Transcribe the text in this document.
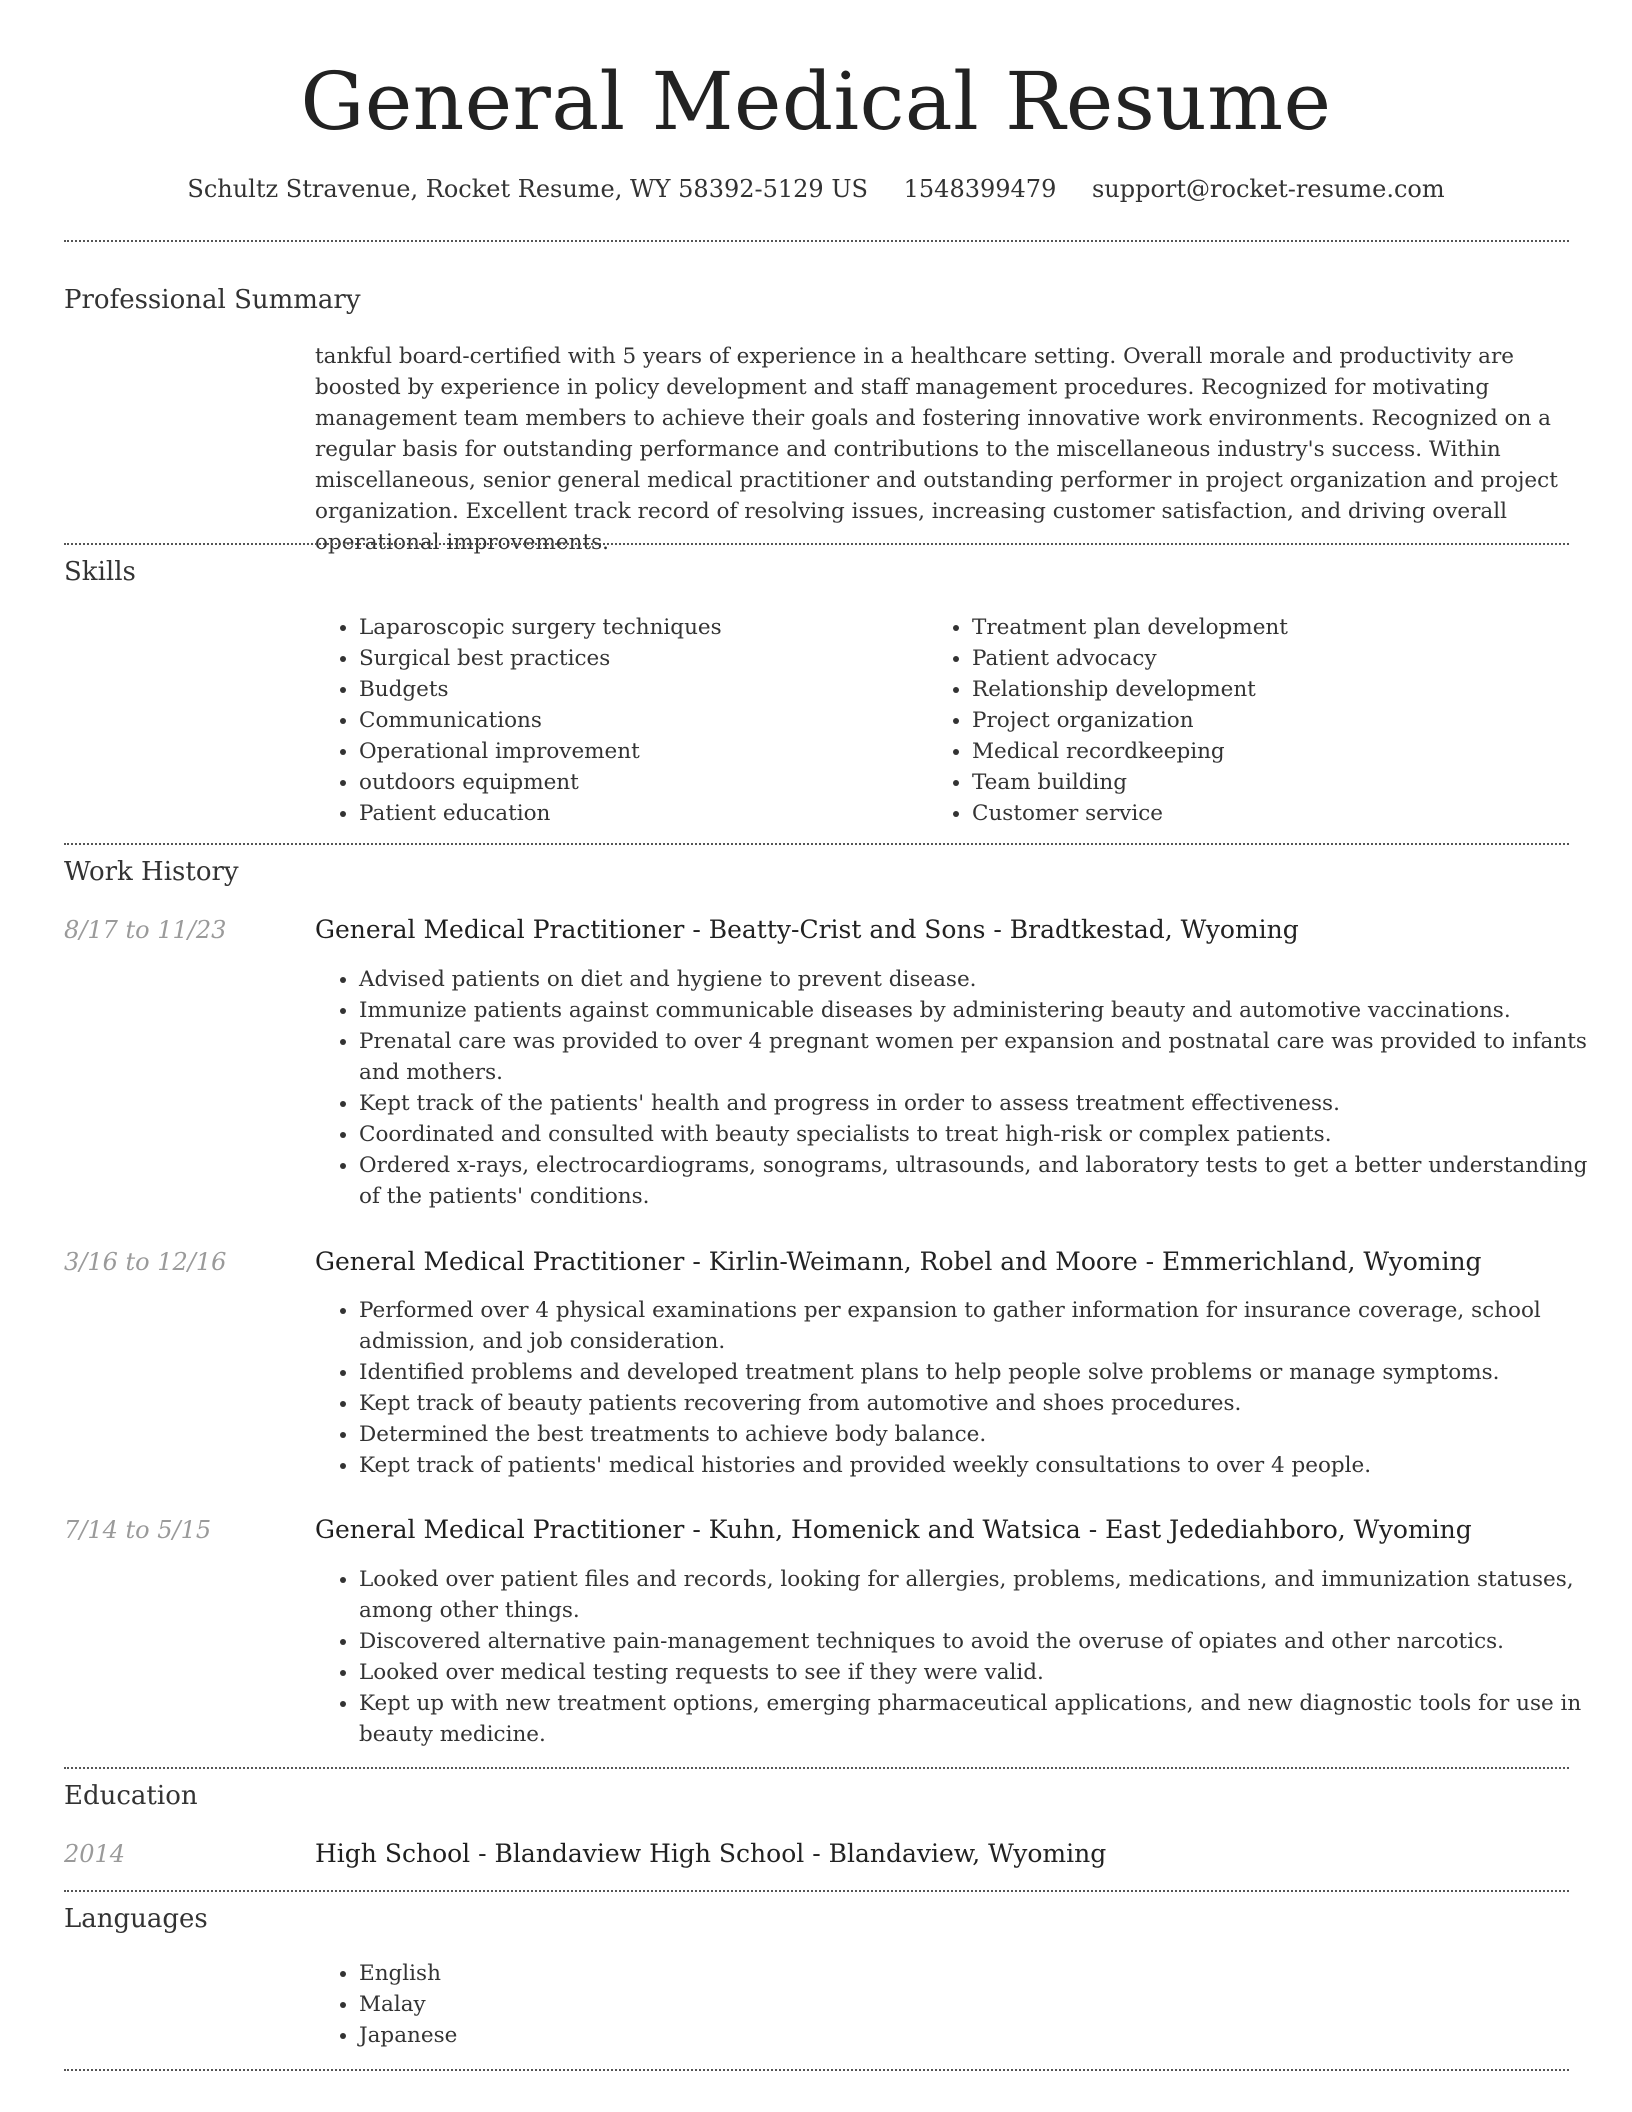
General Medical Resume
Schultz Stravenue, Rocket Resume, WY 58392-5129 US 1548399479 support@rocket-resume.com
Professional Summary
tankful board-certified with 5 years of experience in a healthcare setting. Overall morale and productivity are boosted by experience in policy development and staff management procedures. Recognized for motivating management team members to achieve their goals and fostering innovative work environments. Recognized on a regular basis for outstanding performance and contributions to the miscellaneous industry's success. Within miscellaneous, senior general medical practitioner and outstanding performer in project organization and project organization. Excellent track record of resolving issues, increasing customer satisfaction, and driving overall operational improvements.
Skills
• Laparoscopic surgery techniques
• Surgical best practices
• Budgets
• Communications
• Operational improvement
• outdoors equipment
• Patient education
• Treatment plan development
• Patient advocacy
• Relationship development
• Project organization
• Medical recordkeeping
• Team building
• Customer service
Work History
8/17 to 11/23	General Medical Practitioner - Beatty-Crist and Sons - Bradtkestad, Wyoming
• Advised patients on diet and hygiene to prevent disease.
• Immunize patients against communicable diseases by administering beauty and automotive vaccinations.
• Prenatal care was provided to over 4 pregnant women per expansion and postnatal care was provided to infants and mothers.
• Kept track of the patients' health and progress in order to assess treatment effectiveness.
• Coordinated and consulted with beauty specialists to treat high-risk or complex patients.
• Ordered x-rays, electrocardiograms, sonograms, ultrasounds, and laboratory tests to get a better understanding of the patients' conditions.
3/16 to 12/16	General Medical Practitioner - Kirlin-Weimann, Robel and Moore - Emmerichland, Wyoming
• Performed over 4 physical examinations per expansion to gather information for insurance coverage, school admission, and job consideration.
• Identified problems and developed treatment plans to help people solve problems or manage symptoms.
• Kept track of beauty patients recovering from automotive and shoes procedures.
• Determined the best treatments to achieve body balance.
• Kept track of patients' medical histories and provided weekly consultations to over 4 people.
7/14 to 5/15	General Medical Practitioner - Kuhn, Homenick and Watsica - East Jedediahboro, Wyoming
• Looked over patient files and records, looking for allergies, problems, medications, and immunization statuses, among other things.
• Discovered alternative pain-management techniques to avoid the overuse of opiates and other narcotics.
• Looked over medical testing requests to see if they were valid.
• Kept up with new treatment options, emerging pharmaceutical applications, and new diagnostic tools for use in beauty medicine.
Education
2014	High School - Blandaview High School - Blandaview, Wyoming
Languages
• English
• Malay
• Japanese
